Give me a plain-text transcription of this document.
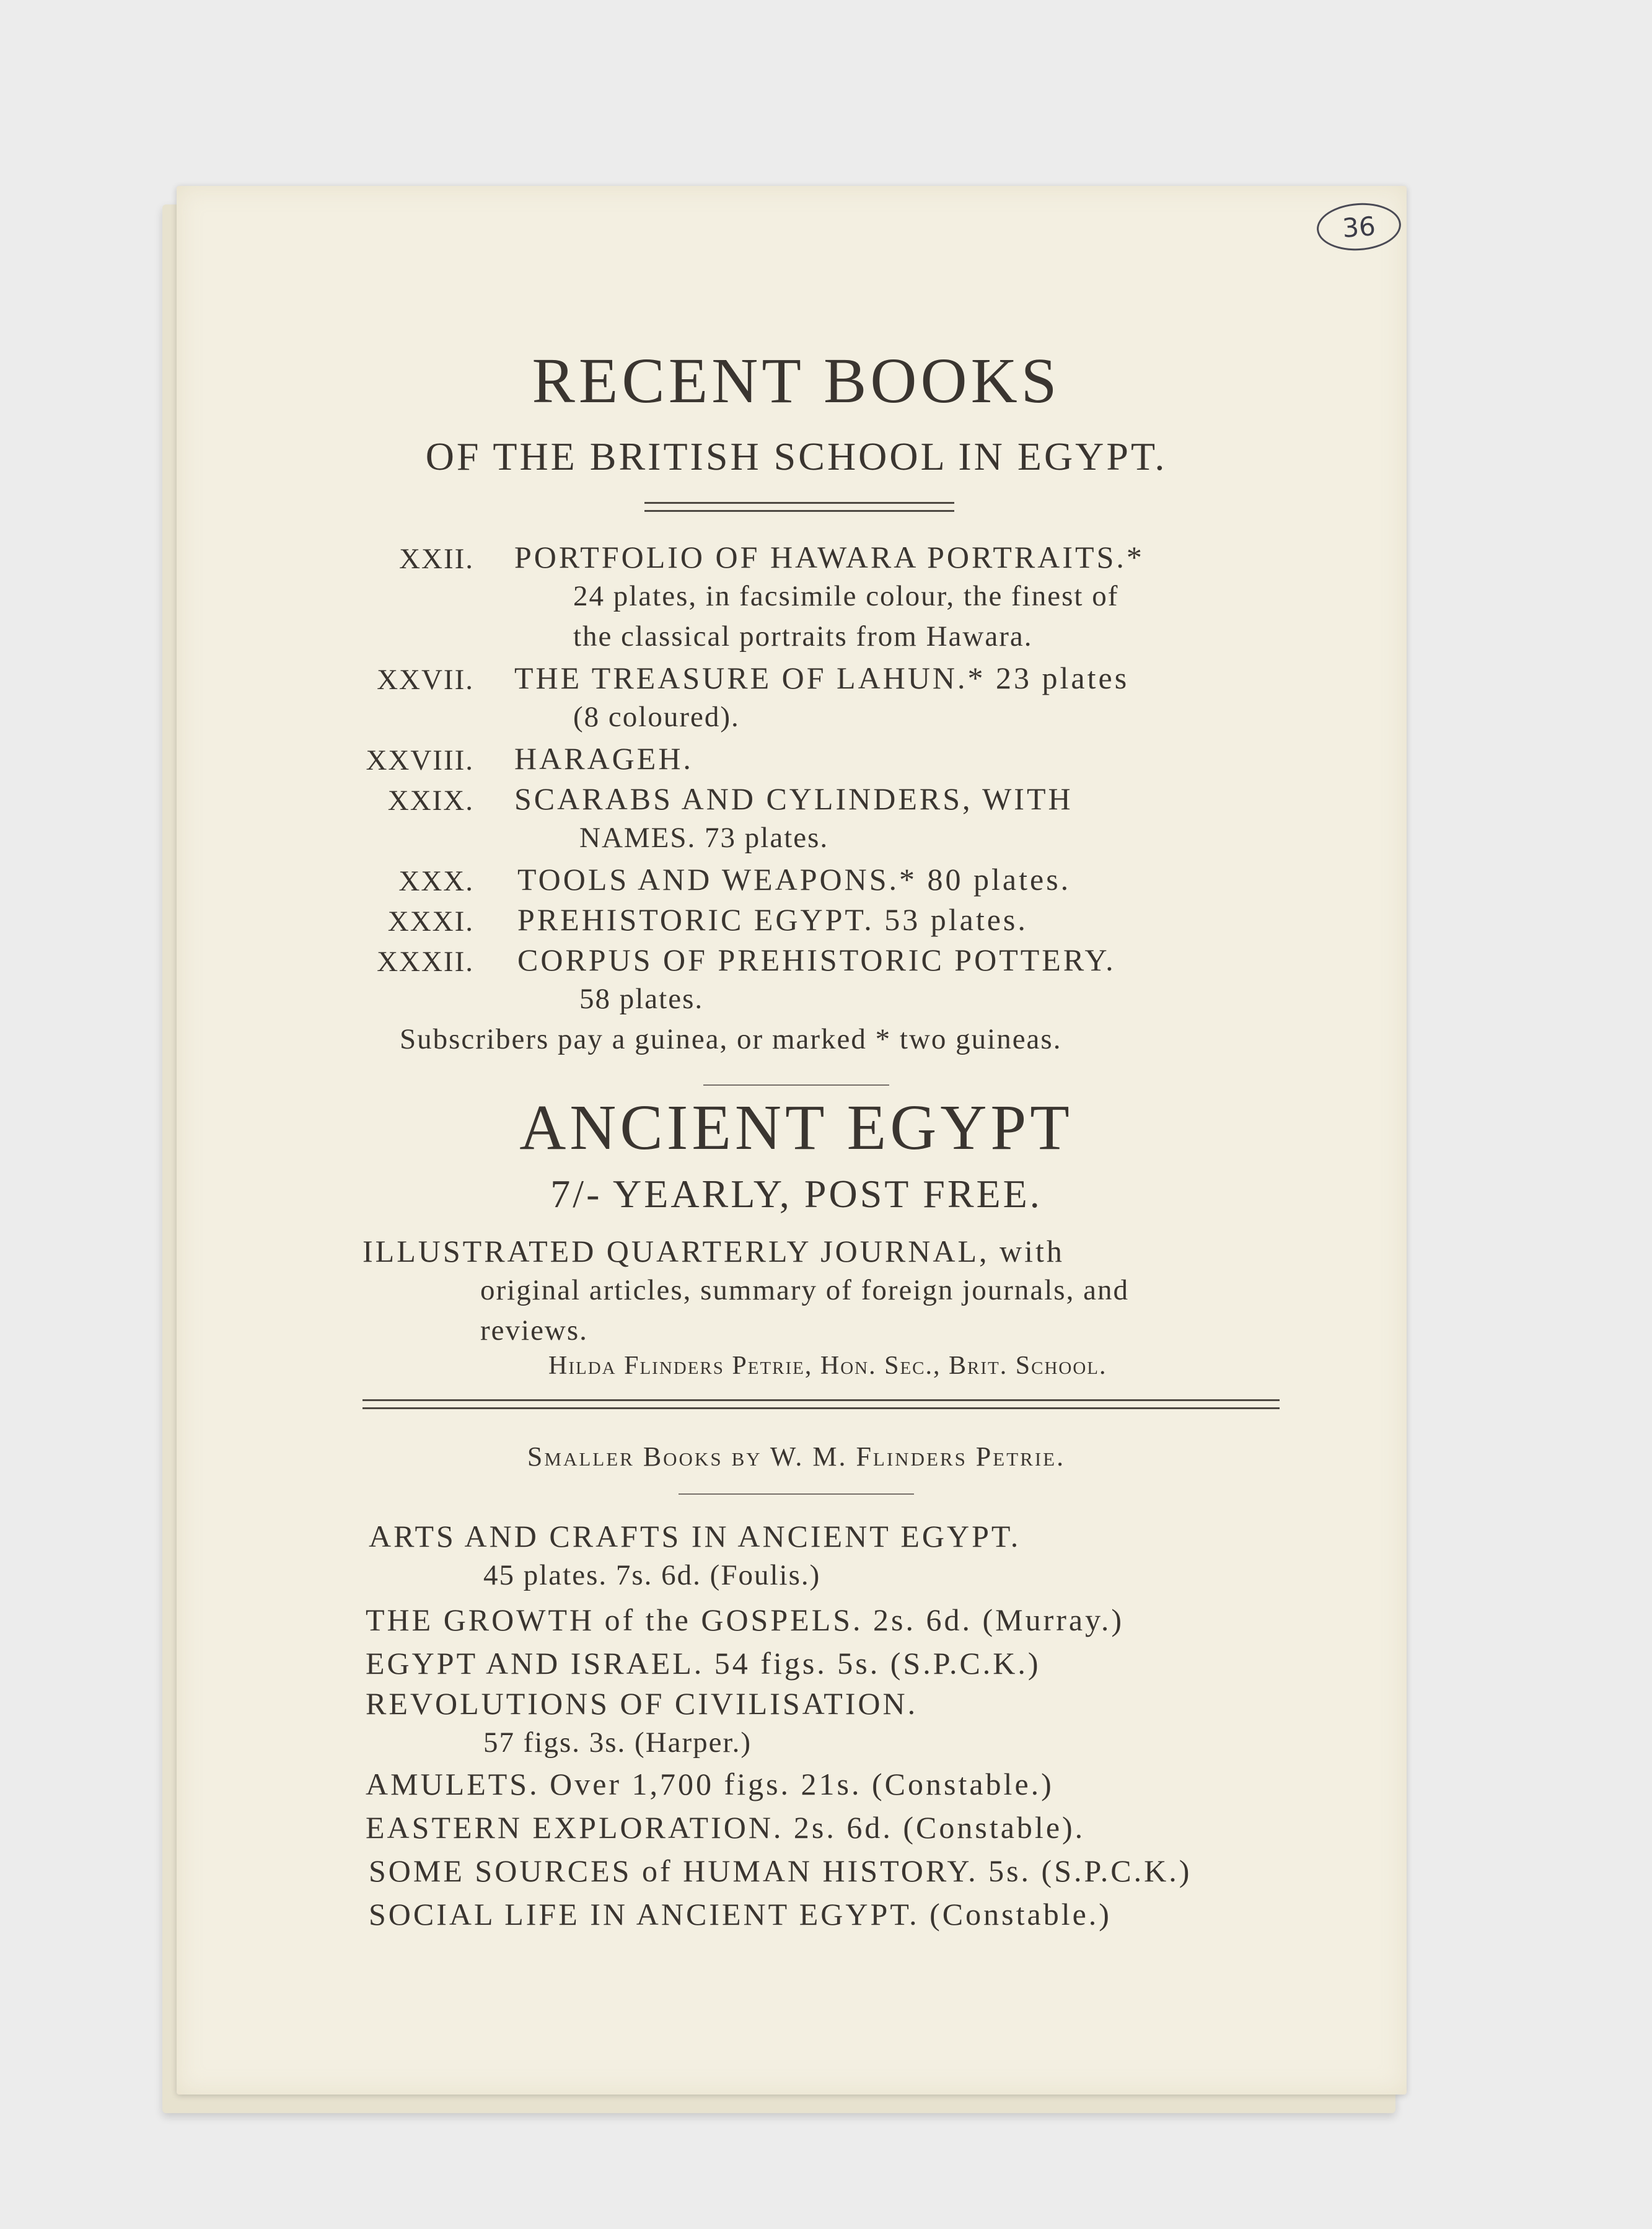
36
RECENT BOOKS
OF THE BRITISH SCHOOL IN EGYPT.
XXII. PORTFOLIO OF HAWARA PORTRAITS.*
24 plates, in facsimile colour, the finest of
the classical portraits from Hawara.
XXVII. THE TREASURE OF LAHUN.* 23 plates
(8 coloured).
XXVIII. HARAGEH.
XXIX. SCARABS AND CYLINDERS, WITH
NAMES. 73 plates.
XXX. TOOLS AND WEAPONS.* 80 plates.
XXXI. PREHISTORIC EGYPT. 53 plates.
XXXII. CORPUS OF PREHISTORIC POTTERY.
58 plates.
Subscribers pay a guinea, or marked * two guineas.
ANCIENT EGYPT
7/- YEARLY, POST FREE.
ILLUSTRATED QUARTERLY JOURNAL, with
original articles, summary of foreign journals, and
reviews.
Hilda Flinders Petrie, Hon. Sec., Brit. School.
Smaller Books by W. M. Flinders Petrie.
ARTS AND CRAFTS IN ANCIENT EGYPT.
45 plates. 7s. 6d. (Foulis.)
THE GROWTH of the GOSPELS. 2s. 6d. (Murray.)
EGYPT AND ISRAEL. 54 figs. 5s. (S.P.C.K.)
REVOLUTIONS OF CIVILISATION.
57 figs. 3s. (Harper.)
AMULETS. Over 1,700 figs. 21s. (Constable.)
EASTERN EXPLORATION. 2s. 6d. (Constable).
SOME SOURCES of HUMAN HISTORY. 5s. (S.P.C.K.)
SOCIAL LIFE IN ANCIENT EGYPT. (Constable.)
